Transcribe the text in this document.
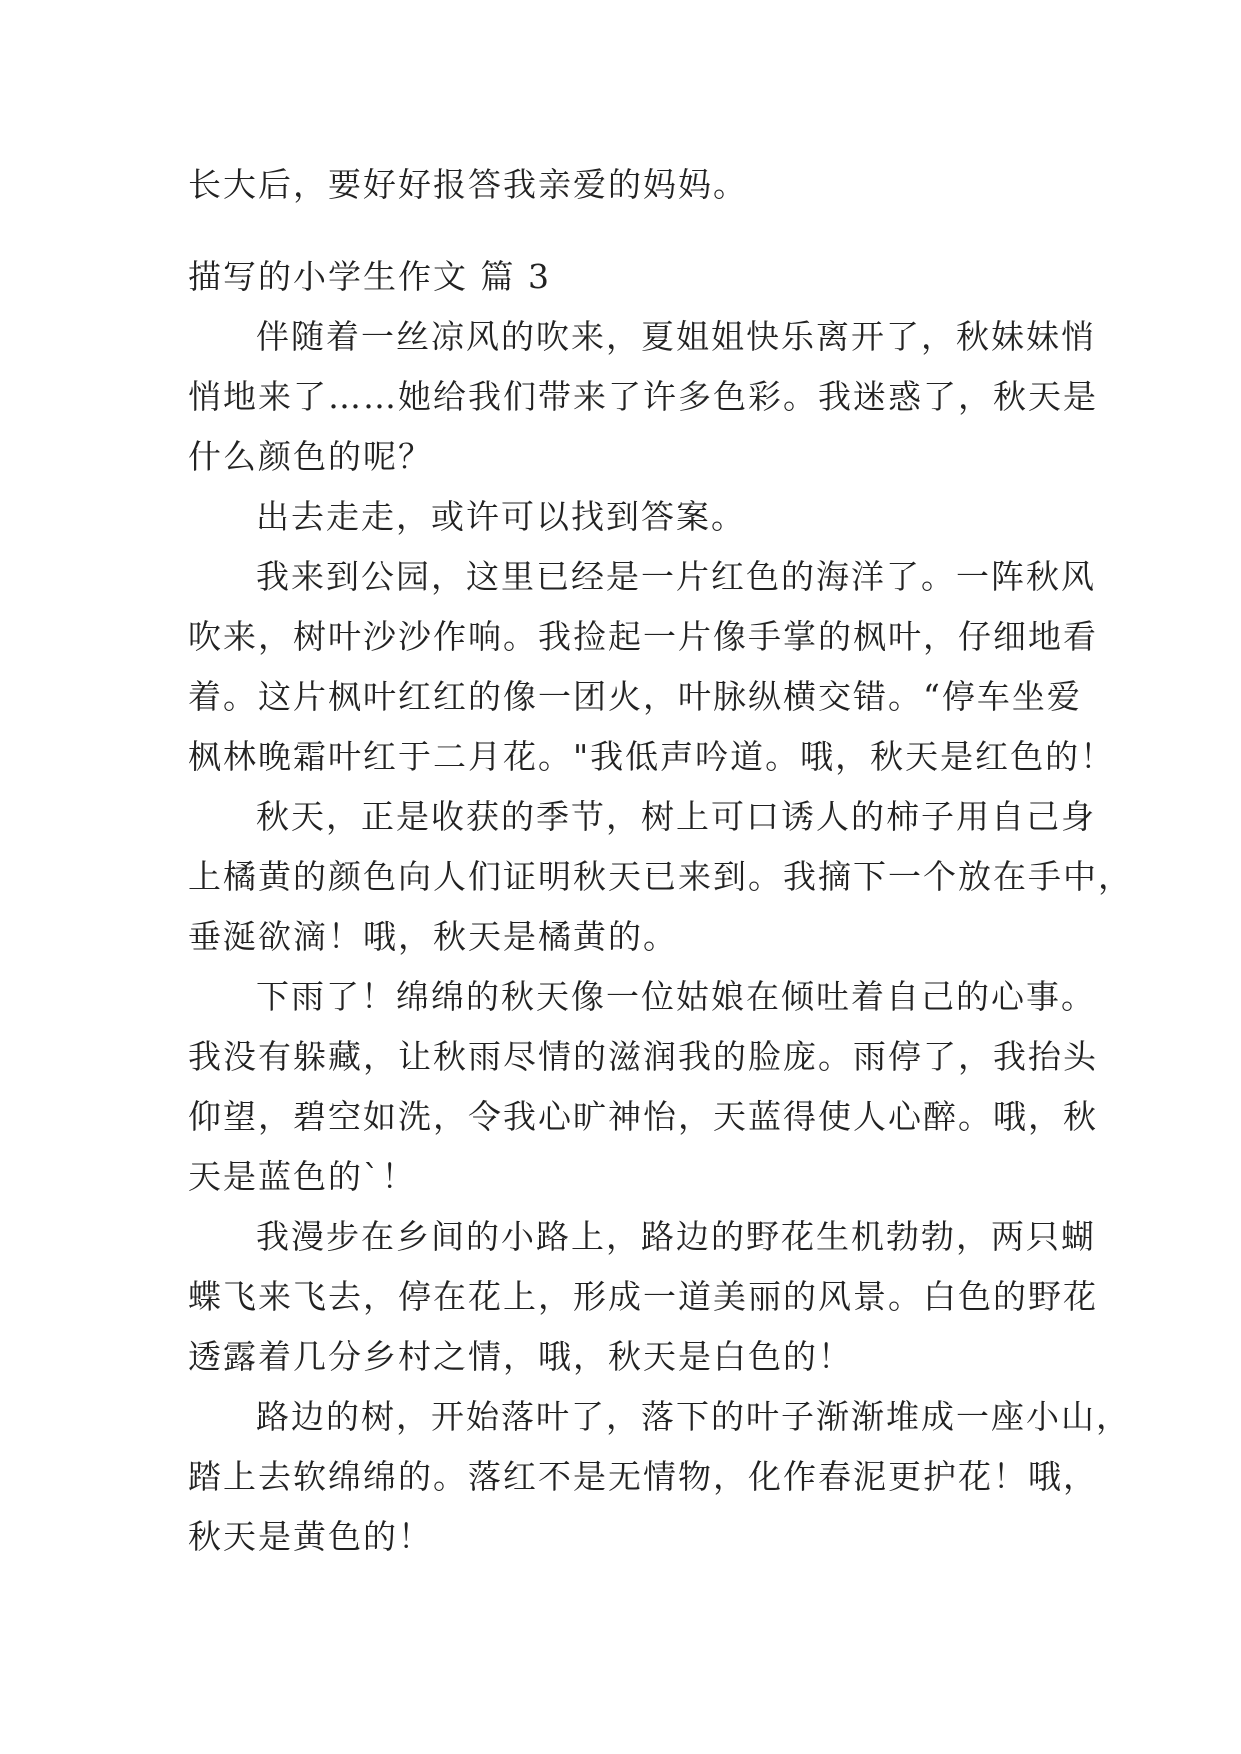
长大后，要好好报答我亲爱的妈妈。

描写的小学生作文 篇 3

伴随着一丝凉风的吹来，夏姐姐快乐离开了，秋妹妹悄

悄地来了……她给我们带来了许多色彩。我迷惑了，秋天是

什么颜色的呢？

出去走走，或许可以找到答案。

我来到公园，这里已经是一片红色的海洋了。一阵秋风

吹来，树叶沙沙作响。我捡起一片像手掌的枫叶，仔细地看

着。这片枫叶红红的像一团火，叶脉纵横交错。“停车坐爱

枫林晚霜叶红于二月花。"我低声吟道。哦，秋天是红色的！

秋天，正是收获的季节，树上可口诱人的柿子用自己身

上橘黄的颜色向人们证明秋天已来到。我摘下一个放在手中，

垂涎欲滴！哦，秋天是橘黄的。

下雨了！绵绵的秋天像一位姑娘在倾吐着自己的心事。

我没有躲藏，让秋雨尽情的滋润我的脸庞。雨停了，我抬头

仰望，碧空如洗，令我心旷神怡，天蓝得使人心醉。哦，秋

天是蓝色的`！

我漫步在乡间的小路上，路边的野花生机勃勃，两只蝴

蝶飞来飞去，停在花上，形成一道美丽的风景。白色的野花

透露着几分乡村之情，哦，秋天是白色的！

路边的树，开始落叶了，落下的叶子渐渐堆成一座小山，

踏上去软绵绵的。落红不是无情物，化作春泥更护花！哦，

秋天是黄色的！
